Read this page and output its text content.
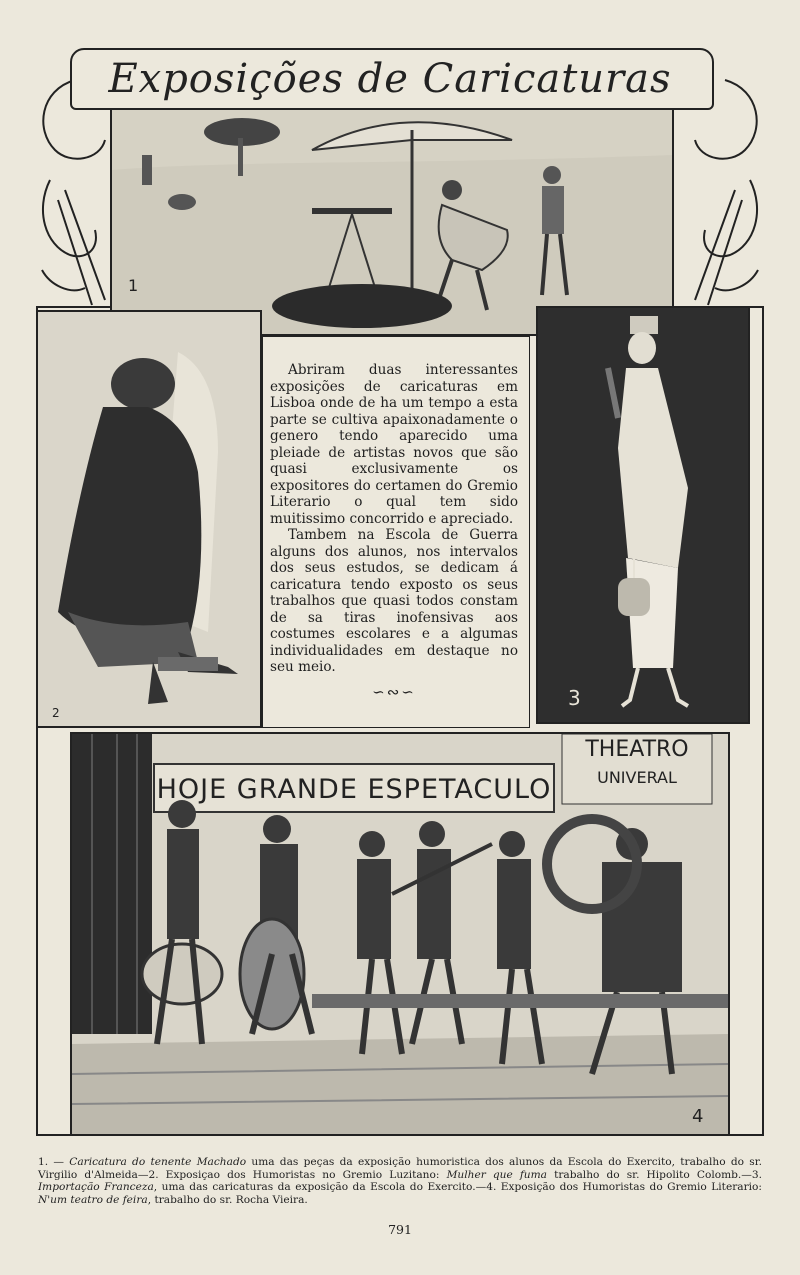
Exposições de Caricaturas
1
2
3

Abriram duas interessantes exposições de caricaturas em Lisboa onde de ha um tempo a esta parte se cultiva apaixonadamente o genero tendo aparecido uma pleiade de artistas novos que são quasi exclusivamente os expositores do certamen do Gremio Literario o qual tem sido muitissimo concorrido e apreciado.

Tambem na Escola de Guerra alguns dos alunos, nos intervalos dos seus estudos, se dedicam á caricatura tendo exposto os seus trabalhos que quasi todos constam de sa tiras inofensivas aos costumes escolares e a algumas individualidades em destaque no seu meio.

∽∾∽
HOJE GRANDE ESPETACULO
THEATRO
UNIVERAL
4
1. — Caricatura do tenente Machado uma das peças da exposição humoristica dos alunos da Escola do Exercito, trabalho do sr. Virgilio d'Almeida—2. Exposiçao dos Humoristas no Gremio Luzitano: Mulher que fuma trabalho do sr. Hipolito Colomb.—3. Importação Franceza, uma das caricaturas da exposição da Escola do Exercito.—4. Exposição dos Humoristas do Gremio Literario: N'um teatro de feira, trabalho do sr. Rocha Vieira.
791
